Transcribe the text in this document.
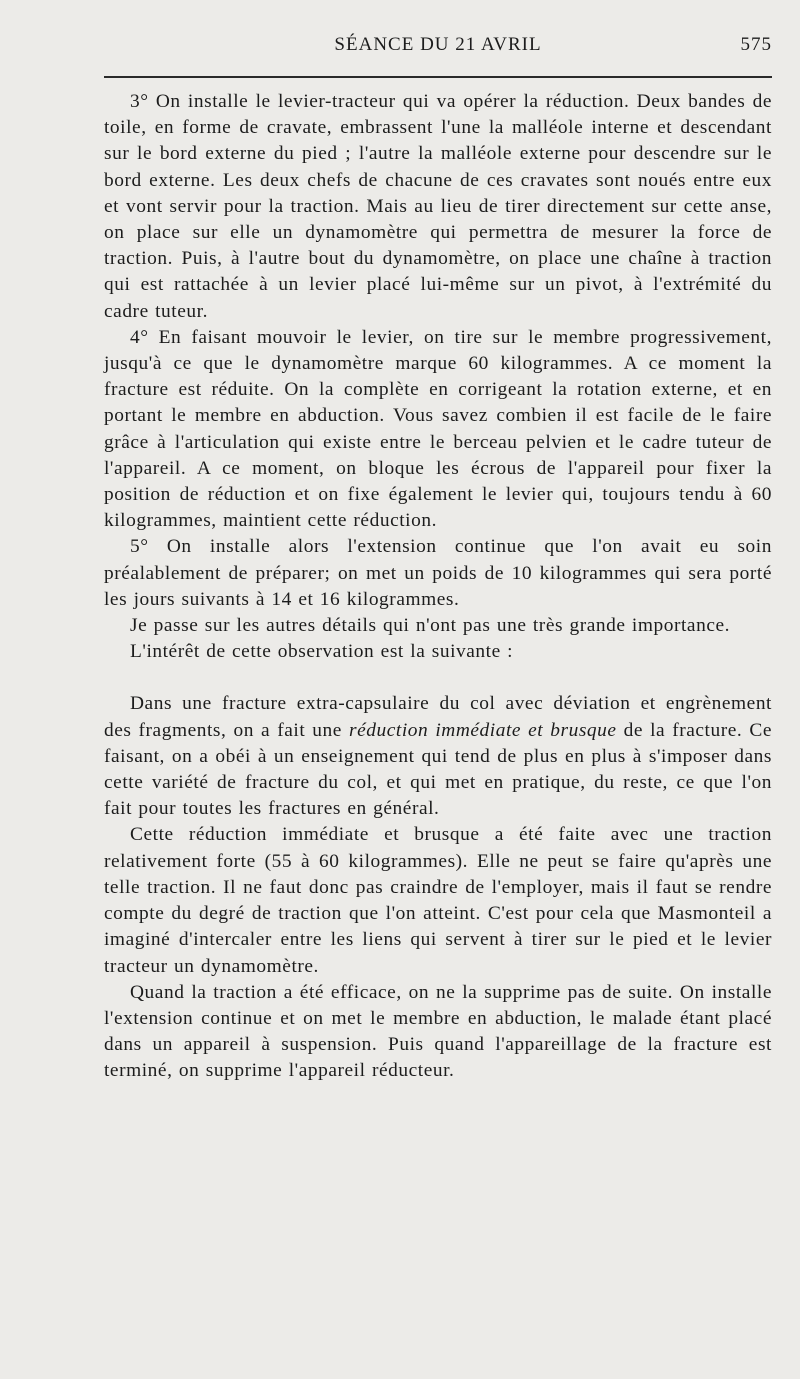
SÉANCE DU 21 AVRIL	575

3° On installe le levier-tracteur qui va opérer la réduction. Deux bandes de toile, en forme de cravate, embrassent l'une la malléole interne et descendant sur le bord externe du pied ; l'autre la malléole externe pour descendre sur le bord externe. Les deux chefs de chacune de ces cravates sont noués entre eux et vont servir pour la traction. Mais au lieu de tirer directement sur cette anse, on place sur elle un dynamomètre qui permettra de mesurer la force de traction. Puis, à l'autre bout du dynamomètre, on place une chaîne à traction qui est rattachée à un levier placé lui-même sur un pivot, à l'extrémité du cadre tuteur.

4° En faisant mouvoir le levier, on tire sur le membre progressivement, jusqu'à ce que le dynamomètre marque 60 kilogrammes. A ce moment la fracture est réduite. On la complète en corrigeant la rotation externe, et en portant le membre en abduction. Vous savez combien il est facile de le faire grâce à l'articulation qui existe entre le berceau pelvien et le cadre tuteur de l'appareil. A ce moment, on bloque les écrous de l'appareil pour fixer la position de réduction et on fixe également le levier qui, toujours tendu à 60 kilogrammes, maintient cette réduction.

5° On installe alors l'extension continue que l'on avait eu soin préalablement de préparer; on met un poids de 10 kilogrammes qui sera porté les jours suivants à 14 et 16 kilogrammes.

Je passe sur les autres détails qui n'ont pas une très grande importance.

L'intérêt de cette observation est la suivante :

Dans une fracture extra-capsulaire du col avec déviation et engrènement des fragments, on a fait une réduction immédiate et brusque de la fracture. Ce faisant, on a obéi à un enseignement qui tend de plus en plus à s'imposer dans cette variété de fracture du col, et qui met en pratique, du reste, ce que l'on fait pour toutes les fractures en général.

Cette réduction immédiate et brusque a été faite avec une traction relativement forte (55 à 60 kilogrammes). Elle ne peut se faire qu'après une telle traction. Il ne faut donc pas craindre de l'employer, mais il faut se rendre compte du degré de traction que l'on atteint. C'est pour cela que Masmonteil a imaginé d'intercaler entre les liens qui servent à tirer sur le pied et le levier tracteur un dynamomètre.

Quand la traction a été efficace, on ne la supprime pas de suite. On installe l'extension continue et on met le membre en abduction, le malade étant placé dans un appareil à suspension. Puis quand l'appareillage de la fracture est terminé, on supprime l'appareil réducteur.
